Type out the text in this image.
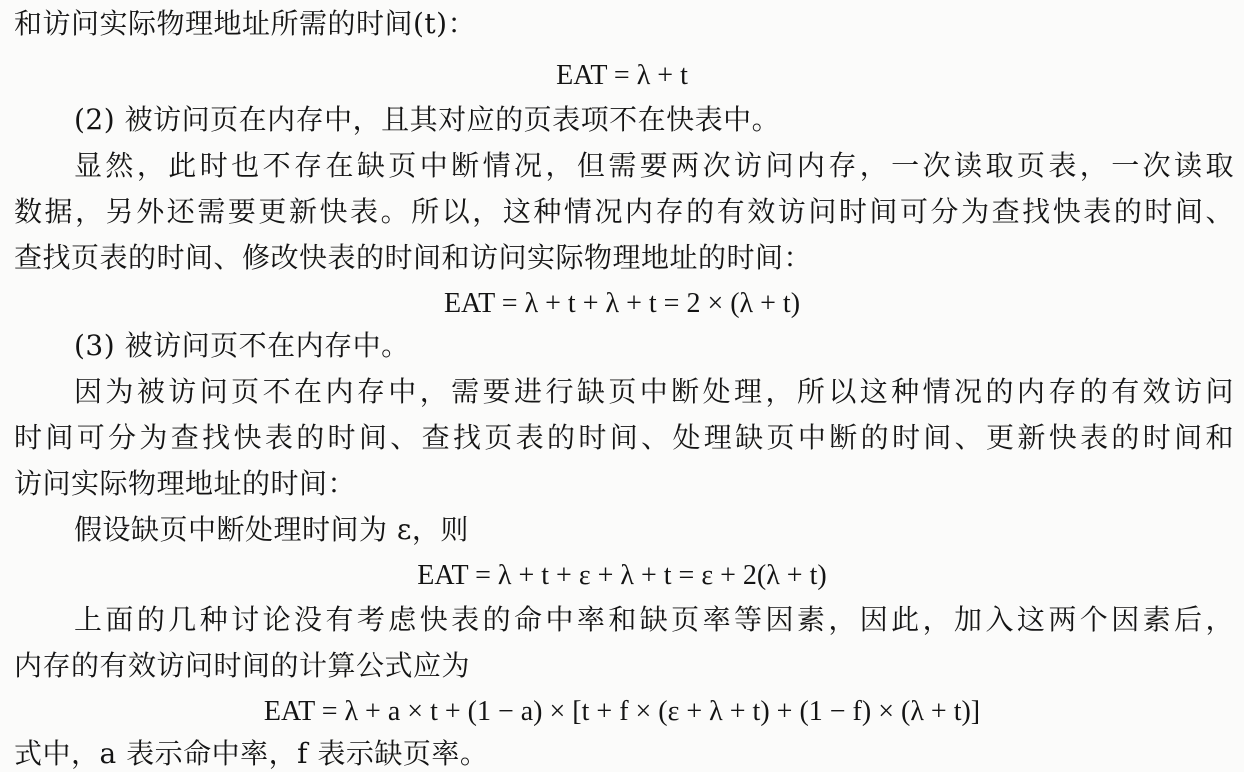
和访问实际物理地址所需的时间(t)：
EAT = λ + t
(2) 被访问页在内存中，且其对应的页表项不在快表中。
显然，此时也不存在缺页中断情况，但需要两次访问内存，一次读取页表，一次读取
数据，另外还需要更新快表。所以，这种情况内存的有效访问时间可分为查找快表的时间、
查找页表的时间、修改快表的时间和访问实际物理地址的时间：
EAT = λ + t + λ + t = 2 × (λ + t)
(3) 被访问页不在内存中。
因为被访问页不在内存中，需要进行缺页中断处理，所以这种情况的内存的有效访问
时间可分为查找快表的时间、查找页表的时间、处理缺页中断的时间、更新快表的时间和
访问实际物理地址的时间：
假设缺页中断处理时间为 ε，则
EAT = λ + t + ε + λ + t = ε + 2(λ + t)
上面的几种讨论没有考虑快表的命中率和缺页率等因素，因此，加入这两个因素后，
内存的有效访问时间的计算公式应为
EAT = λ + a × t + (1 − a) × [t + f × (ε + λ + t) + (1 − f) × (λ + t)]
式中，a 表示命中率，f 表示缺页率。
